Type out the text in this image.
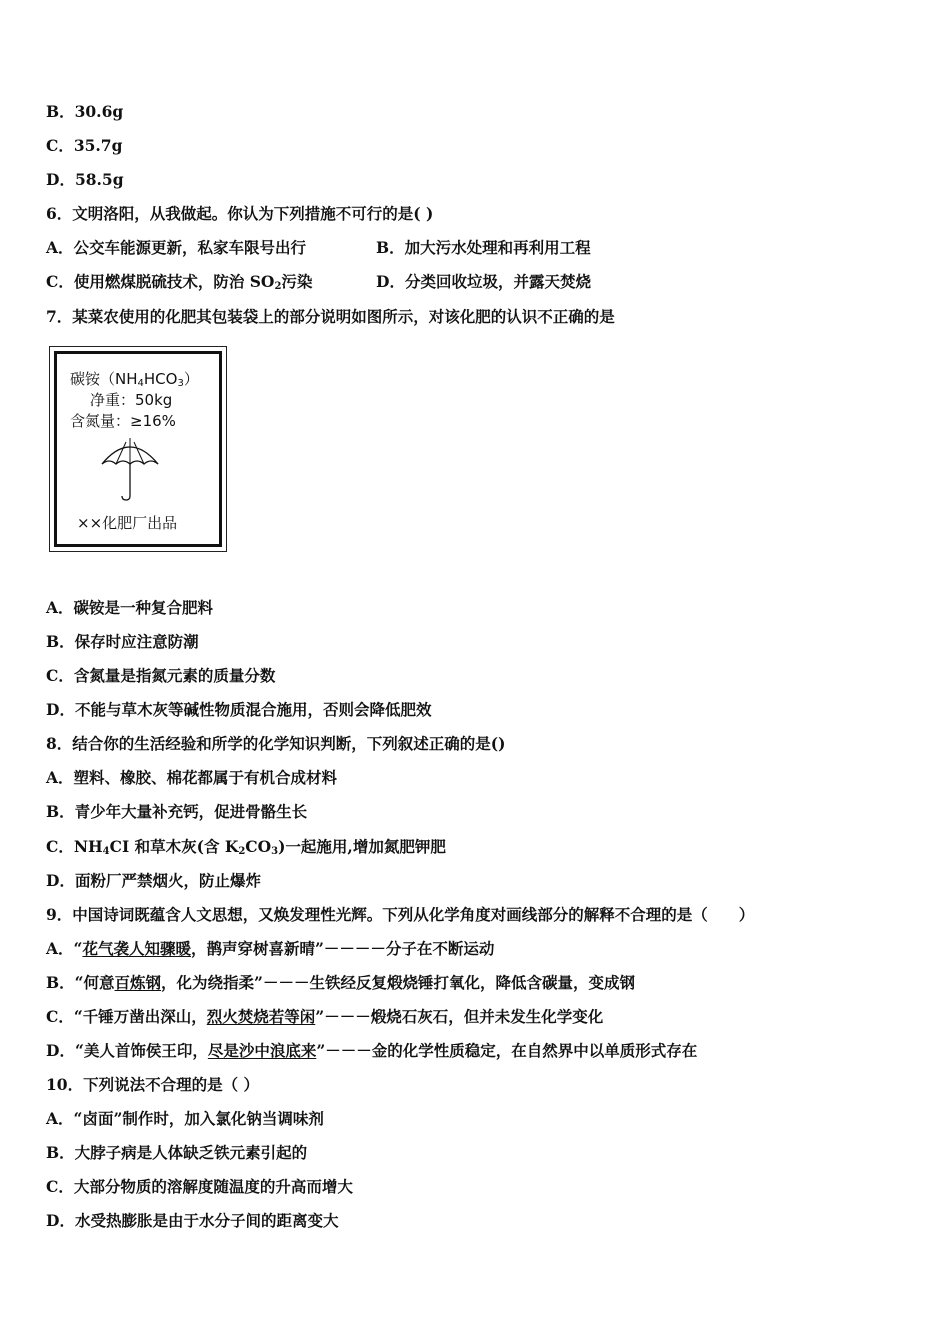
B．30.6g
C．35.7g
D．58.5g
6．文明洛阳，从我做起。你认为下列措施不可行的是( )
A．公交车能源更新，私家车限号出行	B．加大污水处理和再利用工程
C．使用燃煤脱硫技术，防治 $SO_2$污染	D．分类回收垃圾，并露天焚烧
7．某菜农使用的化肥其包装袋上的部分说明如图所示，对该化肥的认识不正确的是
碳铵$(NH_4HCO_3)$
净重：50kg
含氮量：≥16%
××化肥厂出品
A．碳铵是一种复合肥料
B．保存时应注意防潮
C．含氮量是指氮元素的质量分数
D．不能与草木灰等碱性物质混合施用，否则会降低肥效
8．结合你的生活经验和所学的化学知识判断，下列叙述正确的是()
A．塑料、橡胶、棉花都属于有机合成材料
B．青少年大量补充钙，促进骨骼生长
C．$NH_4CI$ 和草木灰(含 $K_2CO_3$)一起施用,增加氮肥钾肥
D．面粉厂严禁烟火，防止爆炸
9．中国诗词既蕴含人文思想，又焕发理性光辉。下列从化学角度对画线部分的解释不合理的是（　　）
A．“花气袭人知骤暖，鹊声穿树喜新晴”－－－－分子在不断运动
B．“何意百炼钢，化为绕指柔”－－－生铁经反复煅烧锤打氧化，降低含碳量，变成钢
C．“千锤万凿出深山，烈火焚烧若等闲”－－－煅烧石灰石，但并未发生化学变化
D．“美人首饰侯王印，尽是沙中浪底来”－－－金的化学性质稳定，在自然界中以单质形式存在
10．下列说法不合理的是（ ）
A．“卤面”制作时，加入氯化钠当调味剂
B．大脖子病是人体缺乏铁元素引起的
C．大部分物质的溶解度随温度的升高而增大
D．水受热膨胀是由于水分子间的距离变大
